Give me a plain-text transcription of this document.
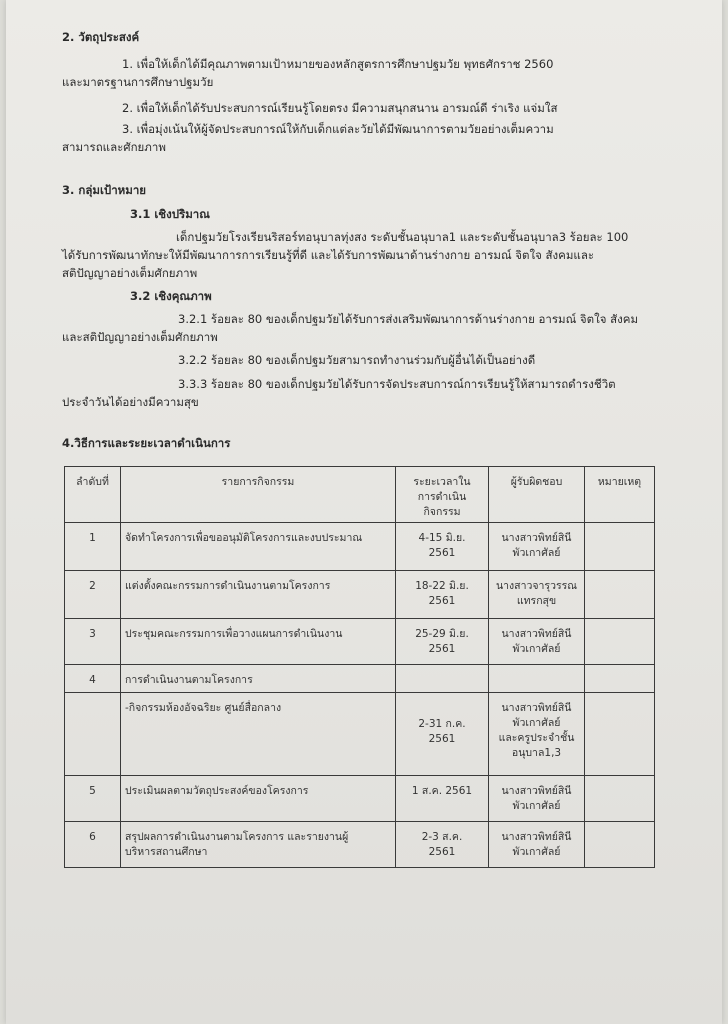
2. วัตถุประสงค์
1. เพื่อให้เด็กได้มีคุณภาพตามเป้าหมายของหลักสูตรการศึกษาปฐมวัย พุทธศักราช 2560
และมาตรฐานการศึกษาปฐมวัย
2. เพื่อให้เด็กได้รับประสบการณ์เรียนรู้โดยตรง มีความสนุกสนาน อารมณ์ดี ร่าเริง แจ่มใส
3. เพื่อมุ่งเน้นให้ผู้จัดประสบการณ์ให้กับเด็กแต่ละวัยได้มีพัฒนาการตามวัยอย่างเต็มความ
สามารถและศักยภาพ
3. กลุ่มเป้าหมาย
3.1 เชิงปริมาณ
เด็กปฐมวัยโรงเรียนริสอร์ทอนุบาลทุ่งสง ระดับชั้นอนุบาล1 และระดับชั้นอนุบาล3 ร้อยละ 100
ได้รับการพัฒนาทักษะให้มีพัฒนาการการเรียนรู้ที่ดี และได้รับการพัฒนาด้านร่างกาย อารมณ์ จิตใจ สังคมและ
สติปัญญาอย่างเต็มศักยภาพ
3.2 เชิงคุณภาพ
3.2.1 ร้อยละ 80 ของเด็กปฐมวัยได้รับการส่งเสริมพัฒนาการด้านร่างกาย อารมณ์ จิตใจ สังคม
และสติปัญญาอย่างเต็มศักยภาพ
3.2.2 ร้อยละ 80 ของเด็กปฐมวัยสามารถทำงานร่วมกับผู้อื่นได้เป็นอย่างดี
3.3.3 ร้อยละ 80 ของเด็กปฐมวัยได้รับการจัดประสบการณ์การเรียนรู้ให้สามารถดำรงชีวิต
ประจำวันได้อย่างมีความสุข
4.วิธีการและระยะเวลาดำเนินการ
ลำดับที่	รายการกิจกรรม	ระยะเวลาใน
การดำเนิน
กิจกรรม	ผู้รับผิดชอบ	หมายเหตุ
1	จัดทำโครงการเพื่อขออนุมัติโครงการและงบประมาณ	4-15 มิ.ย.
2561	นางสาวพิทย์สินี
พัวเกาศัลย์	

2	แต่งตั้งคณะกรรมการดำเนินงานตามโครงการ	18-22 มิ.ย.
2561	นางสาวจารุวรรณ
แทรกสุข	

3	ประชุมคณะกรรมการเพื่อวางแผนการดำเนินงาน	25-29 มิ.ย.
2561	นางสาวพิทย์สินี
พัวเกาศัลย์	

4	การดำเนินงานตามโครงการ			

	-กิจกรรมห้องอัจฉริยะ ศูนย์สื่อกลาง	2-31 ก.ค.
2561	นางสาวพิทย์สินี
พัวเกาศัลย์
และครูประจำชั้น
อนุบาล1,3	

5	ประเมินผลตามวัตถุประสงค์ของโครงการ	1 ส.ค. 2561	นางสาวพิทย์สินี
พัวเกาศัลย์	

6	สรุปผลการดำเนินงานตามโครงการ และรายงานผู้
บริหารสถานศึกษา	2-3 ส.ค.
2561	นางสาวพิทย์สินี
พัวเกาศัลย์	
